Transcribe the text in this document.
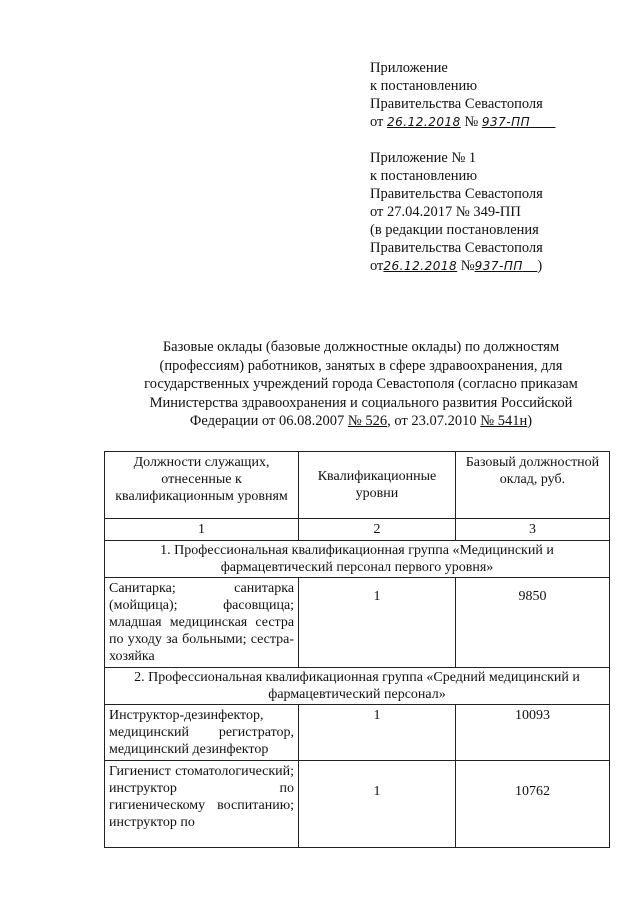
Приложение
к постановлению
Правительства Севастополя
от 26.12.2018 № 937-ПП
Приложение № 1
к постановлению
Правительства Севастополя
от 27.04.2017 № 349-ПП
(в редакции постановления
Правительства Севастополя
от26.12.2018 №937-ПП )
Базовые оклады (базовые должностные оклады) по должностям
(профессиям) работников, занятых в сфере здравоохранения, для
государственных учреждений города Севастополя (согласно приказам
Министерства здравоохранения и социального развития Российской
Федерации от 06.08.2007 № 526, от 23.07.2010 № 541н)
Должности служащих, отнесенные к квалификационным уровням	Квалификационные уровни	Базовый должностной оклад, руб.
1	2	3
1. Профессиональная квалификационная группа «Медицинский и фармацевтический персонал первого уровня»		
Санитарка; санитарка (мойщица); фасовщица; младшая медицинская сестра по уходу за больными; сестра-хозяйка	1	9850
2. Профессиональная квалификационная группа «Средний медицинский и фармацевтический персонал»		
Инструктор-дезинфектор, медицинский регистратор, медицинский дезинфектор	1	10093
Гигиенист стоматологический; инструктор по гигиеническому воспитанию; инструктор по	1	10762
